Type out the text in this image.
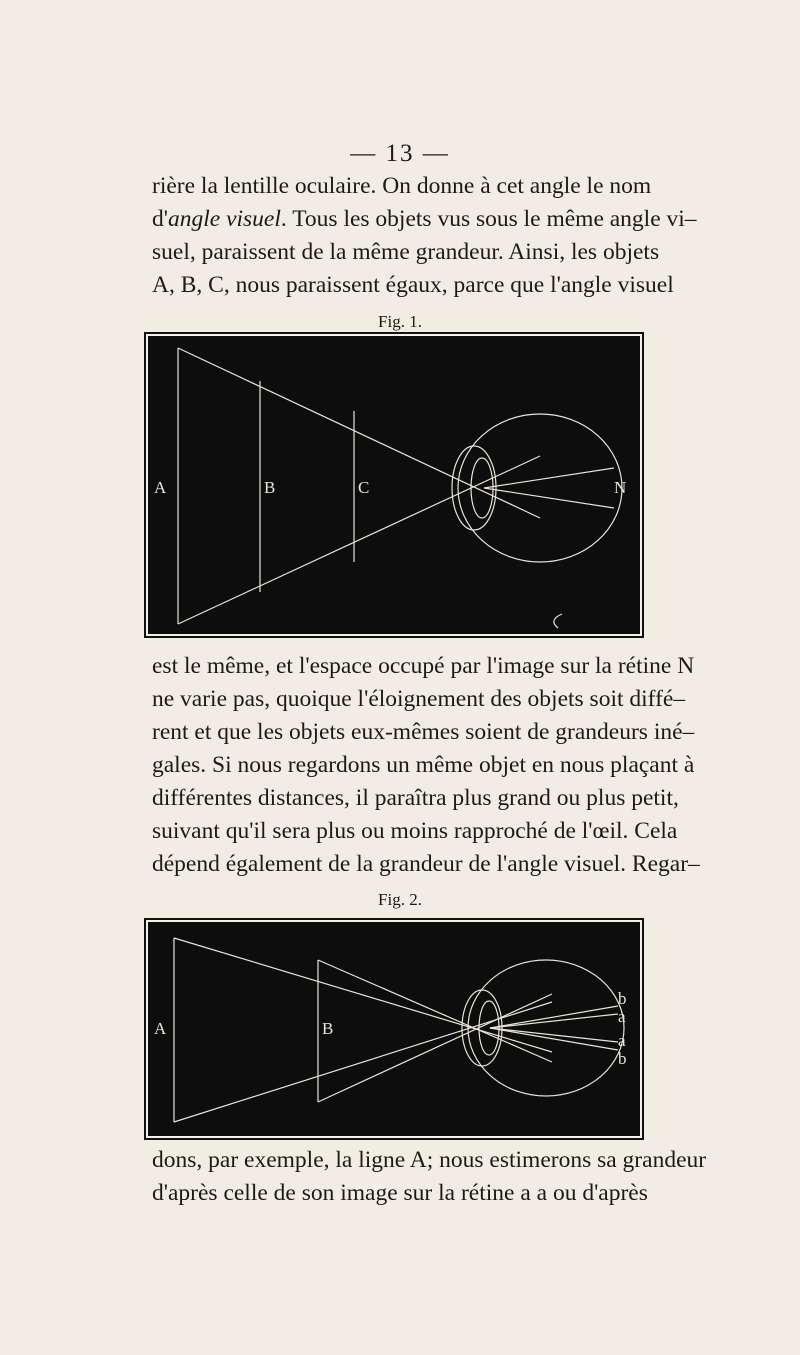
— 13 —
rière la lentille oculaire. On donne à cet angle le nom
d'angle visuel. Tous les objets vus sous le même angle vi–
suel, paraissent de la même grandeur. Ainsi, les objets
A, B, C, nous paraissent égaux, parce que l'angle visuel
Fig. 1.
A	B	C	N
est le même, et l'espace occupé par l'image sur la rétine N
ne varie pas, quoique l'éloignement des objets soit diffé–
rent et que les objets eux-mêmes soient de grandeurs iné–
gales. Si nous regardons un même objet en nous plaçant à
différentes distances, il paraîtra plus grand ou plus petit,
suivant qu'il sera plus ou moins rapproché de l'œil. Cela
dépend également de la grandeur de l'angle visuel. Regar–
Fig. 2.
A	B
b
a
a
b
dons, par exemple, la ligne A; nous estimerons sa grandeur
d'après celle de son image sur la rétine a a ou d'après
